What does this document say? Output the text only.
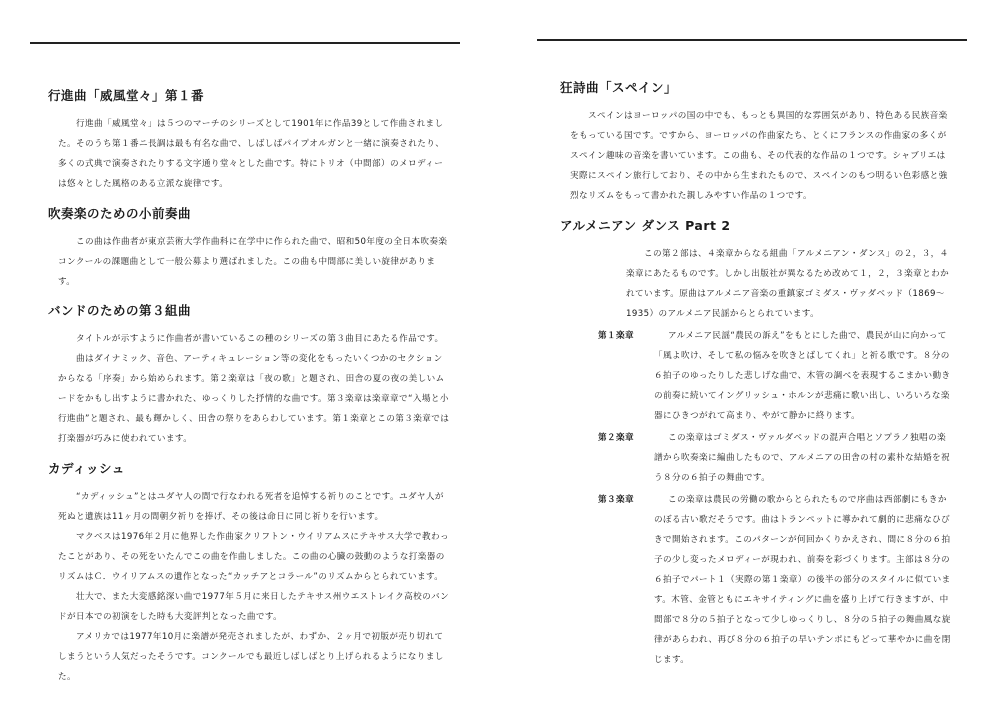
行進曲「威風堂々」第１番

行進曲「威風堂々」は５つのマーチのシリーズとして1901年に作品39として作曲されました。そのうち第１番ニ長調は最も有名な曲で、しばしばパイプオルガンと一緒に演奏されたり、多くの式典で演奏されたりする文字通り堂々とした曲です。特にトリオ（中間部）のメロディーは悠々とした風格のある立派な旋律です。

吹奏楽のための小前奏曲

この曲は作曲者が東京芸術大学作曲科に在学中に作られた曲で、昭和50年度の全日本吹奏楽コンクールの課題曲として一般公募より選ばれました。この曲も中間部に美しい旋律がありま す。

バンドのための第３組曲

タイトルが示すように作曲者が書いているこの種のシリーズの第３曲目にあたる作品です。

曲はダイナミック、音色、アーティキュレーション等の変化をもったいくつかのセクションからなる「序奏」から始められます。第２楽章は「夜の歌」と題され、田舎の夏の夜の美しいムードをかもし出すように書かれた、ゆっくりした抒情的な曲です。第３楽章は楽章章で“入場と小行進曲”と題され、最も輝かしく、田舎の祭りをあらわしています。第１楽章とこの第３楽章では打楽器が巧みに使われています。

カディッシュ

“カディッシュ”とはユダヤ人の間で行なわれる死者を追悼する祈りのことです。ユダヤ人が死ぬと遺族は11ヶ月の間朝夕祈りを捧げ、その後は命日に同じ祈りを行います。

マクベスは1976年２月に他界した作曲家クリフトン・ウイリアムスにテキサス大学で教わったことがあり、その死をいたんでこの曲を作曲しました。この曲の心臓の鼓動のような打楽器のリズムはＣ．ウイリアムスの遺作となった“カッチアとコラール”のリズムからとられています。

壮大で、また大変感銘深い曲で1977年５月に来日したテキサス州ウエストレイク高校のバンドが日本での初演をした時も大変評判となった曲です。

アメリカでは1977年10月に楽譜が発売されましたが、わずか、２ヶ月で初版が売り切れてしまうという人気だったそうです。コンクールでも最近しばしばとり上げられるようになりました。

狂詩曲「スペイン」

スペインはヨーロッパの国の中でも、もっとも異国的な雰囲気があり、特色ある民族音楽をもっている国です。ですから、ヨーロッパの作曲家たち、とくにフランスの作曲家の多くがスペイン趣味の音楽を書いています。この曲も、その代表的な作品の１つです。シャブリエは実際にスペイン旅行しており、その中から生まれたもので、スペインのもつ明るい色彩感と強烈なリズムをもって書かれた親しみやすい作品の１つです。

アルメニアン ダンス Part 2

この第２部は、４楽章からなる組曲「アルメニアン・ダンス」の２，３，４楽章にあたるものです。しかし出版社が異なるため改めて１，２，３楽章とわかれています。原曲はアルメニア音楽の重鎮家ゴミダス・ヴァダベッド（1869～1935）のアルメニア民謡からとられています。

第１楽章	アルメニア民謡“農民の訴え”をもとにした曲で、農民が山に向かって「風よ吹け、そして私の悩みを吹きとばしてくれ」と祈る歌です。８分の６拍子のゆったりした悲しげな曲で、木管の調べを表現するこまかい動きの前奏に続いてイングリッシュ・ホルンが悲痛に歌い出し、いろいろな楽器にひきつがれて高まり、やがて静かに終ります。
第２楽章	この楽章はゴミダス・ヴァルダベッドの混声合唱とソプラノ独唱の楽譜から吹奏楽に編曲したもので、アルメニアの田舎の村の素朴な結婚を祝う８分の６拍子の舞曲です。
第３楽章	この楽章は農民の労働の歌からとられたもので序曲は西部劇にもきかのぼる古い歌だそうです。曲はトランペットに導かれて劇的に悲痛なひびきで開始されます。このパターンが何回かくりかえされ、間に８分の６拍子の少し変ったメロディーが現われ、前奏を彩づくります。主部は８分の６拍子でパート１（実際の第１楽章）の後半の部分のスタイルに似ています。木管、金管ともにエキサイティングに曲を盛り上げて行きますが、中間部で８分の５拍子となって少しゆっくりし、８分の５拍子の舞曲風な旋律があらわれ、再び８分の６拍子の早いテンポにもどって華やかに曲を閉じます。
